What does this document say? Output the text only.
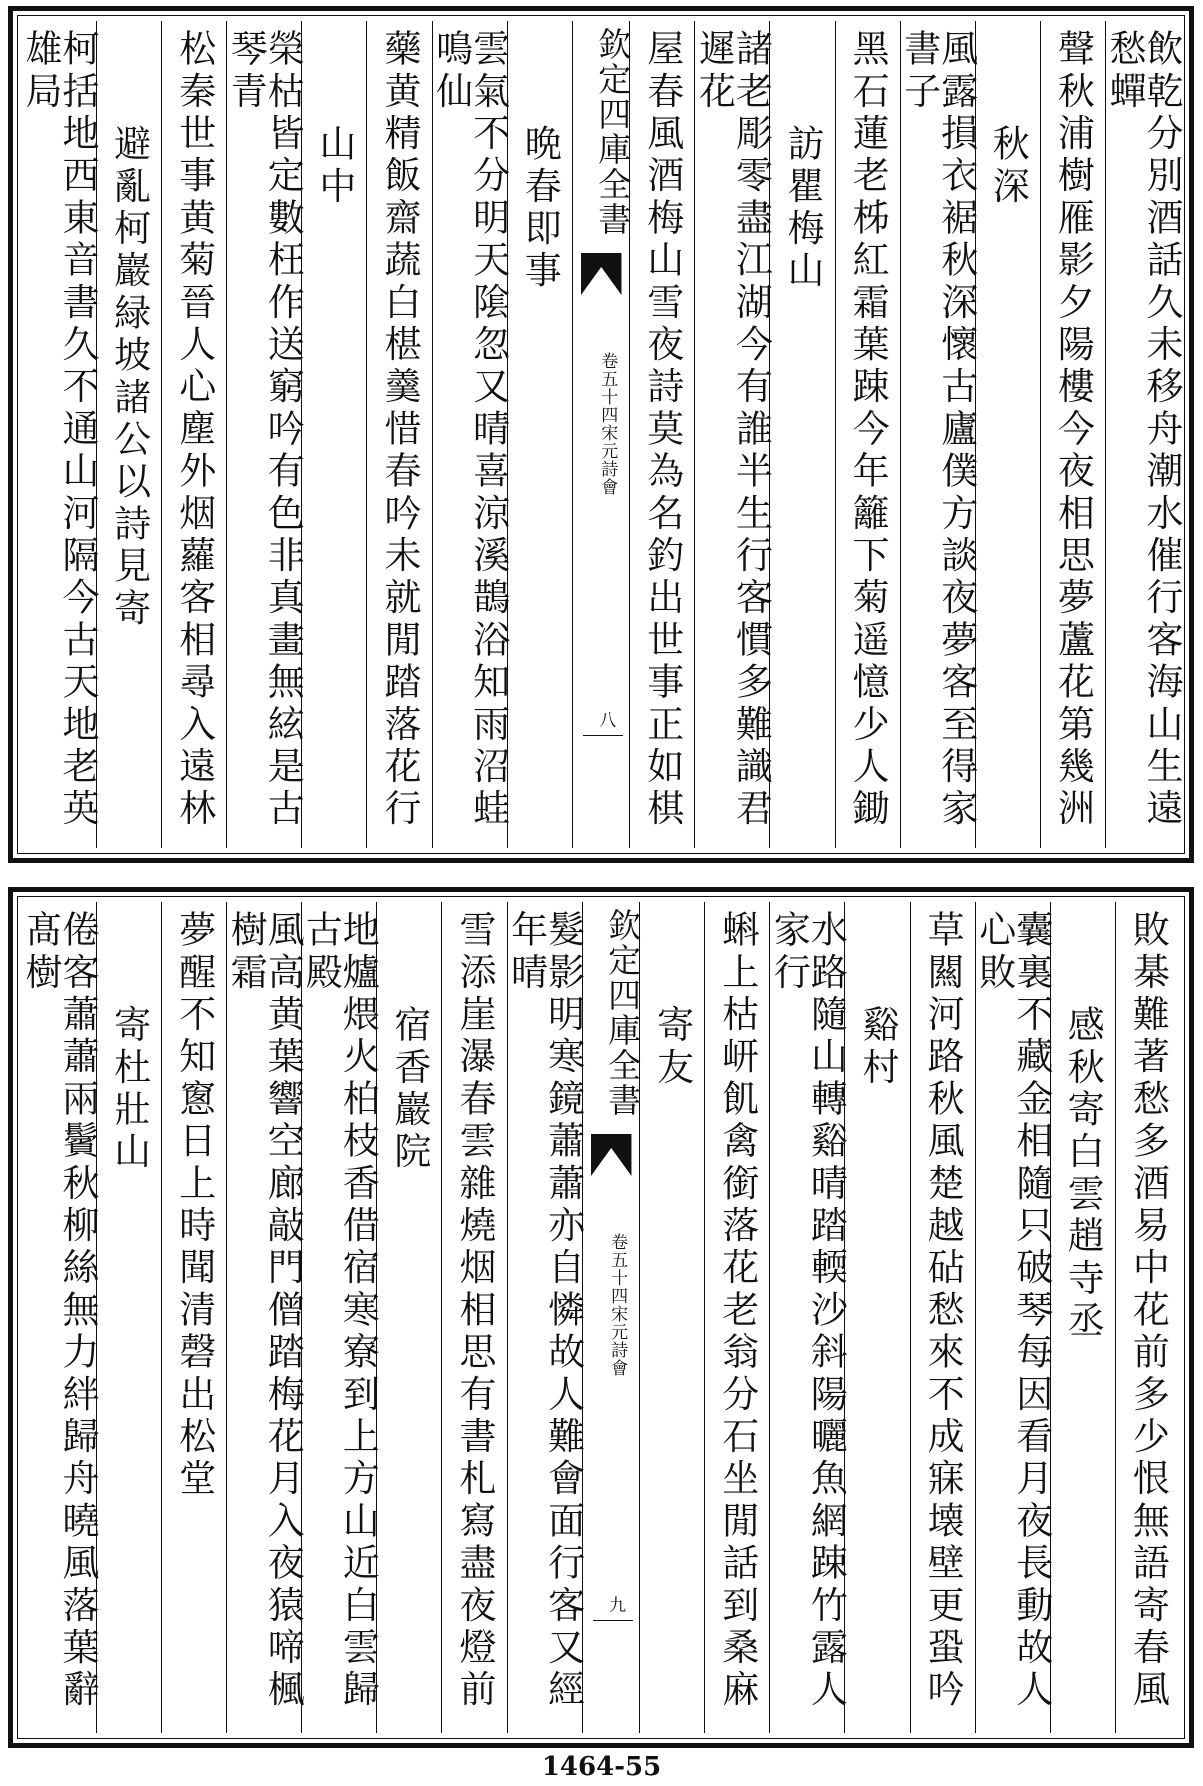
飲乾分別酒話久未移舟潮水催行客海山生遠愁蟬
聲秋浦樹雁影夕陽樓今夜相思夢蘆花第幾洲
秋深
風露損衣裾秋深懷古廬僕方談夜夢客至得家書子
黑石蓮老柹紅霜葉踈今年籬下菊遥憶少人鋤
訪瞿梅山
諸老彫零盡江湖今有誰半生行客慣多難識君遲花
屋春風酒梅山雪夜詩莫為名釣出世事正如棋
欽定四庫全書
宋元詩會
卷五十四
八
晩春即事
雲氣不分明天隂忽又晴喜涼溪鵲浴知雨沼蛙鳴仙
藥黄精飯齋蔬白椹羹惜春吟未就閒踏落花行
山中
榮枯皆定數枉作送窮吟有色非真畫無絃是古琴青
松秦世事黄菊晉人心塵外烟蘿客相尋入遠林
避亂柯巖緑坡諸公以詩見寄
柯括地西東音書久不通山河隔今古天地老英雄局
敗棊難著愁多酒易中花前多少恨無語寄春風
感秋寄白雲趙寺丞
囊裏不藏金相隨只破琴每因看月夜長動故人心敗
草闗河路秋風楚越砧愁來不成寐壊壁更蛩吟
谿村
水路隨山轉谿晴踏輭沙斜陽曬魚網踈竹露人家行
蝌上枯岍飢禽銜落花老翁分石坐閒話到桑麻
寄友
欽定四庫全書
宋元詩會
卷五十四
九
髮影明寒鏡蕭蕭亦自憐故人難會面行客又經年晴
雪添崖瀑春雲雜燒烟相思有書札寫盡夜燈前
宿香巖院
地爐煨火柏枝香借宿寒寮到上方山近白雲歸古殿
風高黄葉響空廊敲門僧踏梅花月入夜猿啼楓樹霜
夢醒不知窻日上時聞清磬出松堂
寄杜壯山
倦客蕭蕭兩鬢秋柳絲無力絆歸舟曉風落葉辭髙樹
1464-55
